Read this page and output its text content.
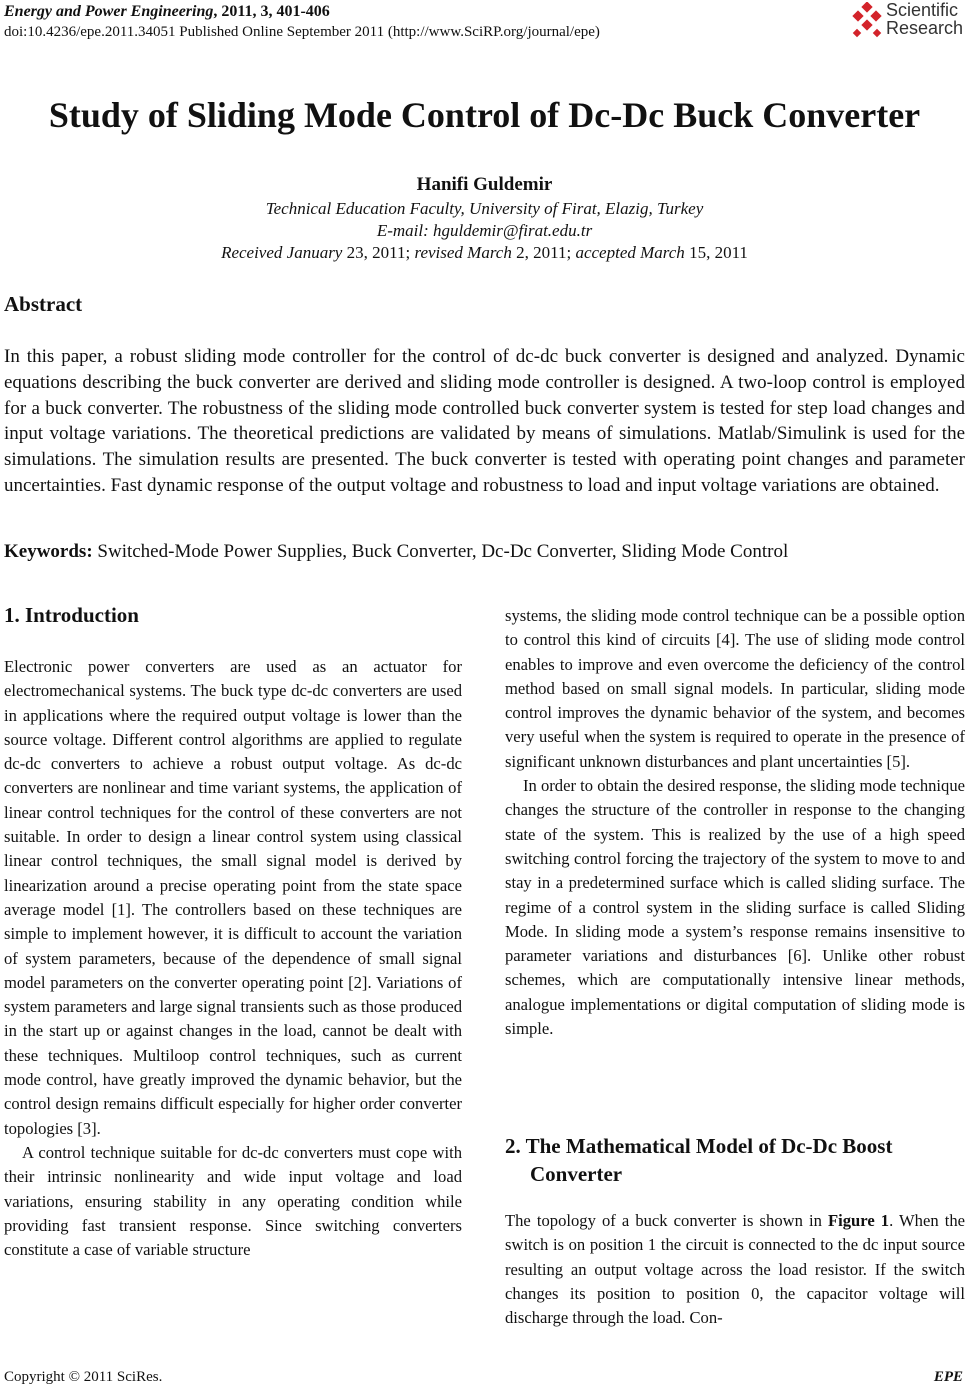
Energy and Power Engineering, 2011, 3, 401-406
doi:10.4236/epe.2011.34051 Published Online September 2011 (http://www.SciRP.org/journal/epe)
Scientific
Research
Study of Sliding Mode Control of Dc-Dc Buck Converter
Hanifi Guldemir
Technical Education Faculty, University of Firat, Elazig, Turkey
E-mail: hguldemir@firat.edu.tr
Received January 23, 2011; revised March 2, 2011; accepted March 15, 2011
Abstract
In this paper, a robust sliding mode controller for the control of dc-dc buck converter is designed and analyzed. Dynamic equations describing the buck converter are derived and sliding mode controller is designed. A two-loop control is employed for a buck converter. The robustness of the sliding mode controlled buck converter system is tested for step load changes and input voltage variations. The theoretical predictions are validated by means of simulations. Matlab/Simulink is used for the simulations. The simulation results are presented. The buck converter is tested with operating point changes and parameter uncertainties. Fast dynamic response of the output voltage and robustness to load and input voltage variations are obtained.
Keywords: Switched-Mode Power Supplies, Buck Converter, Dc-Dc Converter, Sliding Mode Control
1. Introduction

Electronic power converters are used as an actuator for electromechanical systems. The buck type dc-dc converters are used in applications where the required output voltage is lower than the source voltage. Different control algorithms are applied to regulate dc-dc converters to achieve a robust output voltage. As dc-dc converters are nonlinear and time variant systems, the application of linear control techniques for the control of these converters are not suitable. In order to design a linear control system using classical linear control techniques, the small signal model is derived by linearization around a precise operating point from the state space average model [1]. The controllers based on these techniques are simple to implement however, it is difficult to account the variation of system parameters, because of the dependence of small signal model parameters on the converter operating point [2]. Variations of system parameters and large signal transients such as those produced in the start up or against changes in the load, cannot be dealt with these techniques. Multiloop control techniques, such as current mode control, have greatly improved the dynamic behavior, but the control design remains difficult especially for higher order converter topologies [3].

A control technique suitable for dc-dc converters must cope with their intrinsic nonlinearity and wide input voltage and load variations, ensuring stability in any operating condition while providing fast transient response. Since switching converters constitute a case of variable structure

systems, the sliding mode control technique can be a possible option to control this kind of circuits [4]. The use of sliding mode control enables to improve and even overcome the deficiency of the control method based on small signal models. In particular, sliding mode control improves the dynamic behavior of the system, and becomes very useful when the system is required to operate in the presence of significant unknown disturbances and plant uncertainties [5].

In order to obtain the desired response, the sliding mode technique changes the structure of the controller in response to the changing state of the system. This is realized by the use of a high speed switching control forcing the trajectory of the system to move to and stay in a predetermined surface which is called sliding surface. The regime of a control system in the sliding surface is called Sliding Mode. In sliding mode a system’s response remains insensitive to parameter variations and disturbances [6]. Unlike other robust schemes, which are computationally intensive linear methods, analogue implementations or digital computation of sliding mode is simple.

2. The Mathematical Model of Dc-Dc Boost
Converter

The topology of a buck converter is shown in Figure 1. When the switch is on position 1 the circuit is connected to the dc input source resulting an output voltage across the load resistor. If the switch changes its position to position 0, the capacitor voltage will discharge through the load. Con-

Copyright © 2011 SciRes.	EPE
